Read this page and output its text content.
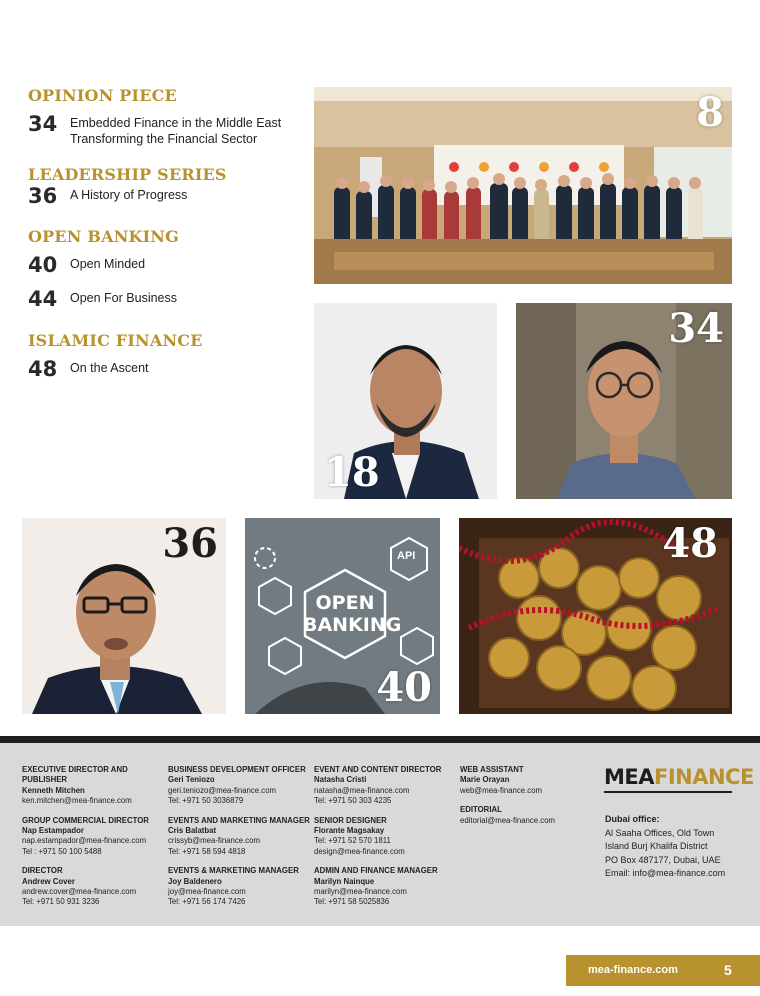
OPINION PIECE
34	Embedded Finance in the Middle East
Transforming the Financial Sector
LEADERSHIP SERIES
36	A History of Progress
OPEN BANKING
40	Open Minded
44	Open For Business
ISLAMIC FINANCE
48	On the Ascent
8
18
34
36
OPEN
BANKING
API
40
48
EXECUTIVE DIRECTOR AND PUBLISHER
Kenneth Mitchen
ken.mitchen@mea-finance.com
GROUP COMMERCIAL DIRECTOR
Nap Estampador
nap.estampador@mea-finance.com
Tel : +971 50 100 5488
DIRECTOR
Andrew Cover
andrew.cover@mea-finance.com
Tel: +971 50 931 3236
BUSINESS DEVELOPMENT OFFICER
Geri Teniozo
geri.teniozo@mea-finance.com
Tel: +971 50 3036879
EVENTS AND MARKETING MANAGER
Cris Balatbat
crissyb@mea-finance.com
Tel: +971 58 594 4818
EVENTS & MARKETING MANAGER
Joy Baldenero
joy@mea-finance.com
Tel: +971 56 174 7426
EVENT AND CONTENT DIRECTOR
Natasha Cristi
natasha@mea-finance.com
Tel: +971 50 303 4235
SENIOR DESIGNER
Florante Magsakay
Tel: +971 52 570 1811
design@mea-finance.com
ADMIN AND FINANCE MANAGER
Marilyn Nainque
marilyn@mea-finance.com
Tel: +971 58 5025836
WEB ASSISTANT
Marie Orayan
web@mea-finance.com
EDITORIAL
editorial@mea-finance.com
MEAFINANCE
Dubai office:
Al Saaha Offices, Old Town
Island Burj Khalifa District
PO Box 487177, Dubai, UAE
Email: info@mea-finance.com
mea-finance.com	5
